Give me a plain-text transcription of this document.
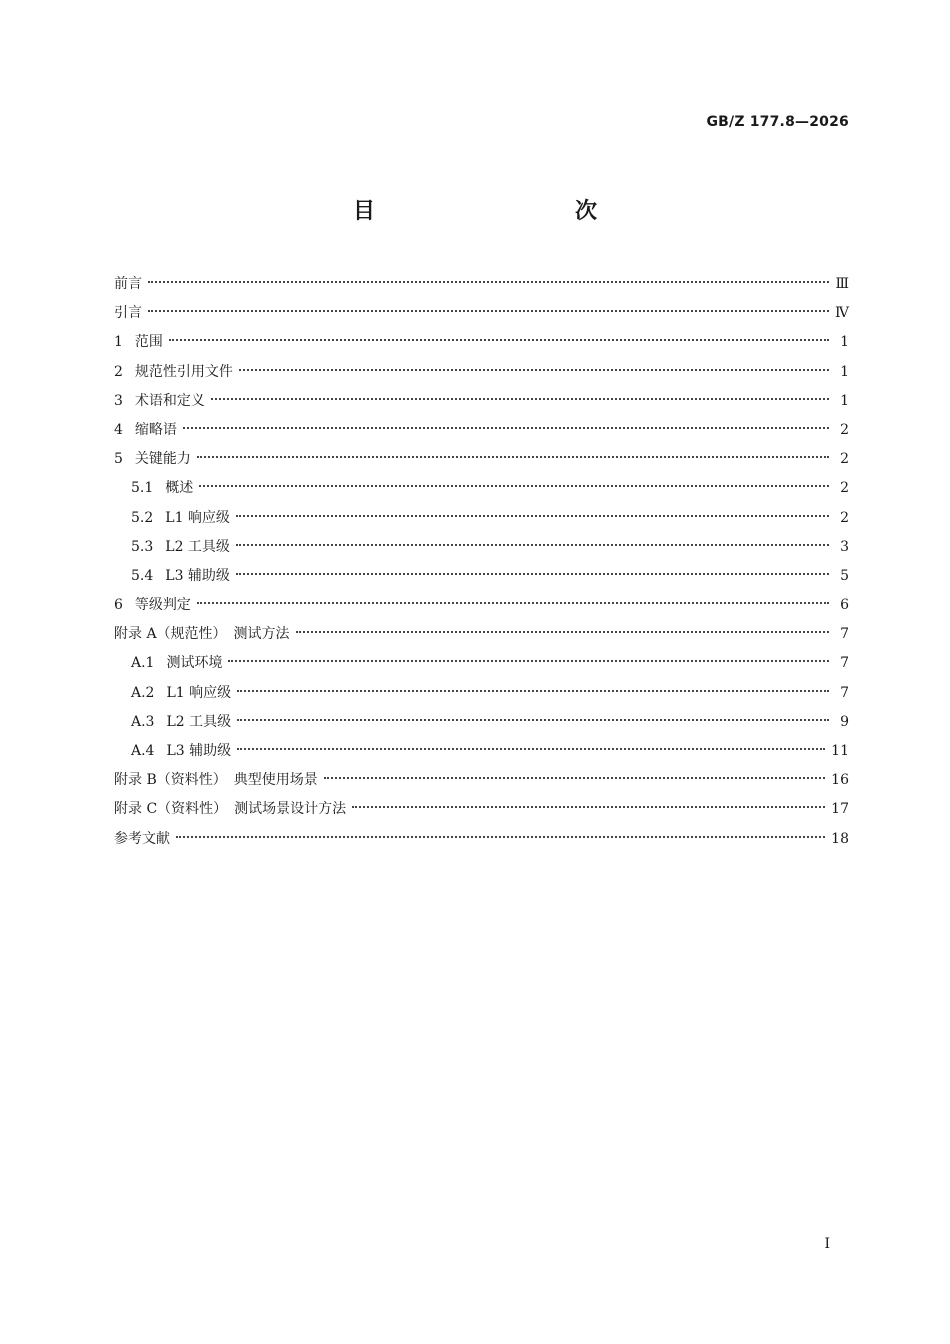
GB/Z 177.8—2026
目　　次
前言	Ⅲ
引言	Ⅳ
1 范围	1
2 规范性引用文件	1
3 术语和定义	1
4 缩略语	2
5 关键能力	2
5.1 概述	2
5.2 L1 响应级	2
5.3 L2 工具级	3
5.4 L3 辅助级	5
6 等级判定	6
附录 A（规范性）　测试方法	7
A.1 测试环境	7
A.2 L1 响应级	7
A.3 L2 工具级	9
A.4 L3 辅助级	11
附录 B（资料性）　典型使用场景	16
附录 C（资料性）　测试场景设计方法	17
参考文献	18
I
